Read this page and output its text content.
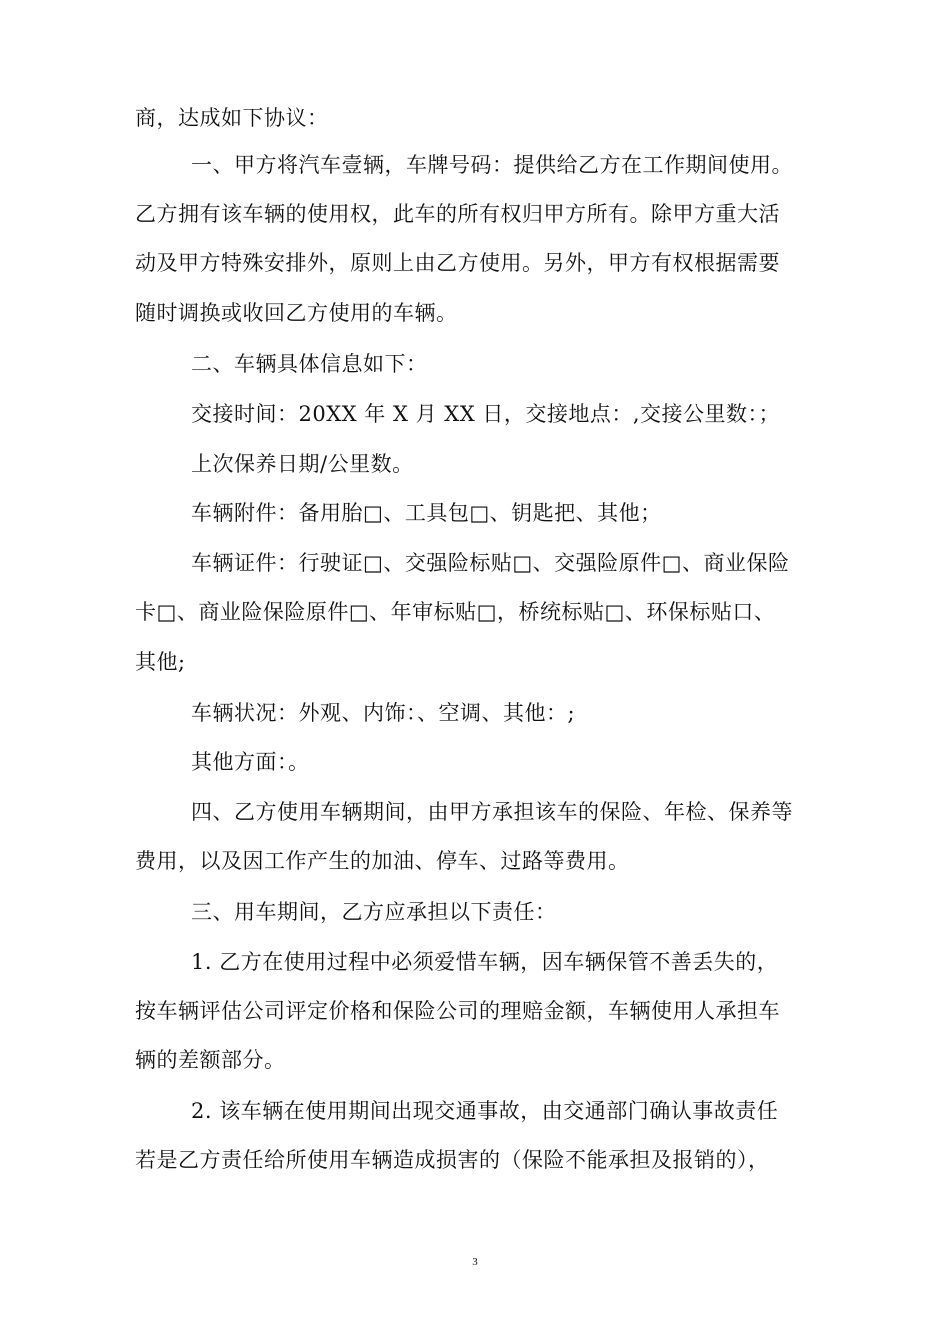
商，达成如下协议：
一、甲方将汽车壹辆，车牌号码：提供给乙方在工作期间使用。
乙方拥有该车辆的使用权，此车的所有权归甲方所有。除甲方重大活
动及甲方特殊安排外，原则上由乙方使用。另外，甲方有权根据需要
随时调换或收回乙方使用的车辆。
二、车辆具体信息如下：
交接时间：20XX 年 X 月 XX 日，交接地点：,交接公里数：；
上次保养日期/公里数。
车辆附件：备用胎□、工具包□、钥匙把、其他；
车辆证件：行驶证□、交强险标贴□、交强险原件□、商业保险
卡□、商业险保险原件□、年审标贴□，桥统标贴□、环保标贴口、
其他;
车辆状况：外观、内饰：、空调、其他：;
其他方面：。
四、乙方使用车辆期间，由甲方承担该车的保险、年检、保养等
费用，以及因工作产生的加油、停车、过路等费用。
三、用车期间，乙方应承担以下责任：
1. 乙方在使用过程中必须爱惜车辆，因车辆保管不善丢失的，
按车辆评估公司评定价格和保险公司的理赔金额，车辆使用人承担车
辆的差额部分。
2. 该车辆在使用期间出现交通事故，由交通部门确认事故责任
若是乙方责任给所使用车辆造成损害的（保险不能承担及报销的），
3
